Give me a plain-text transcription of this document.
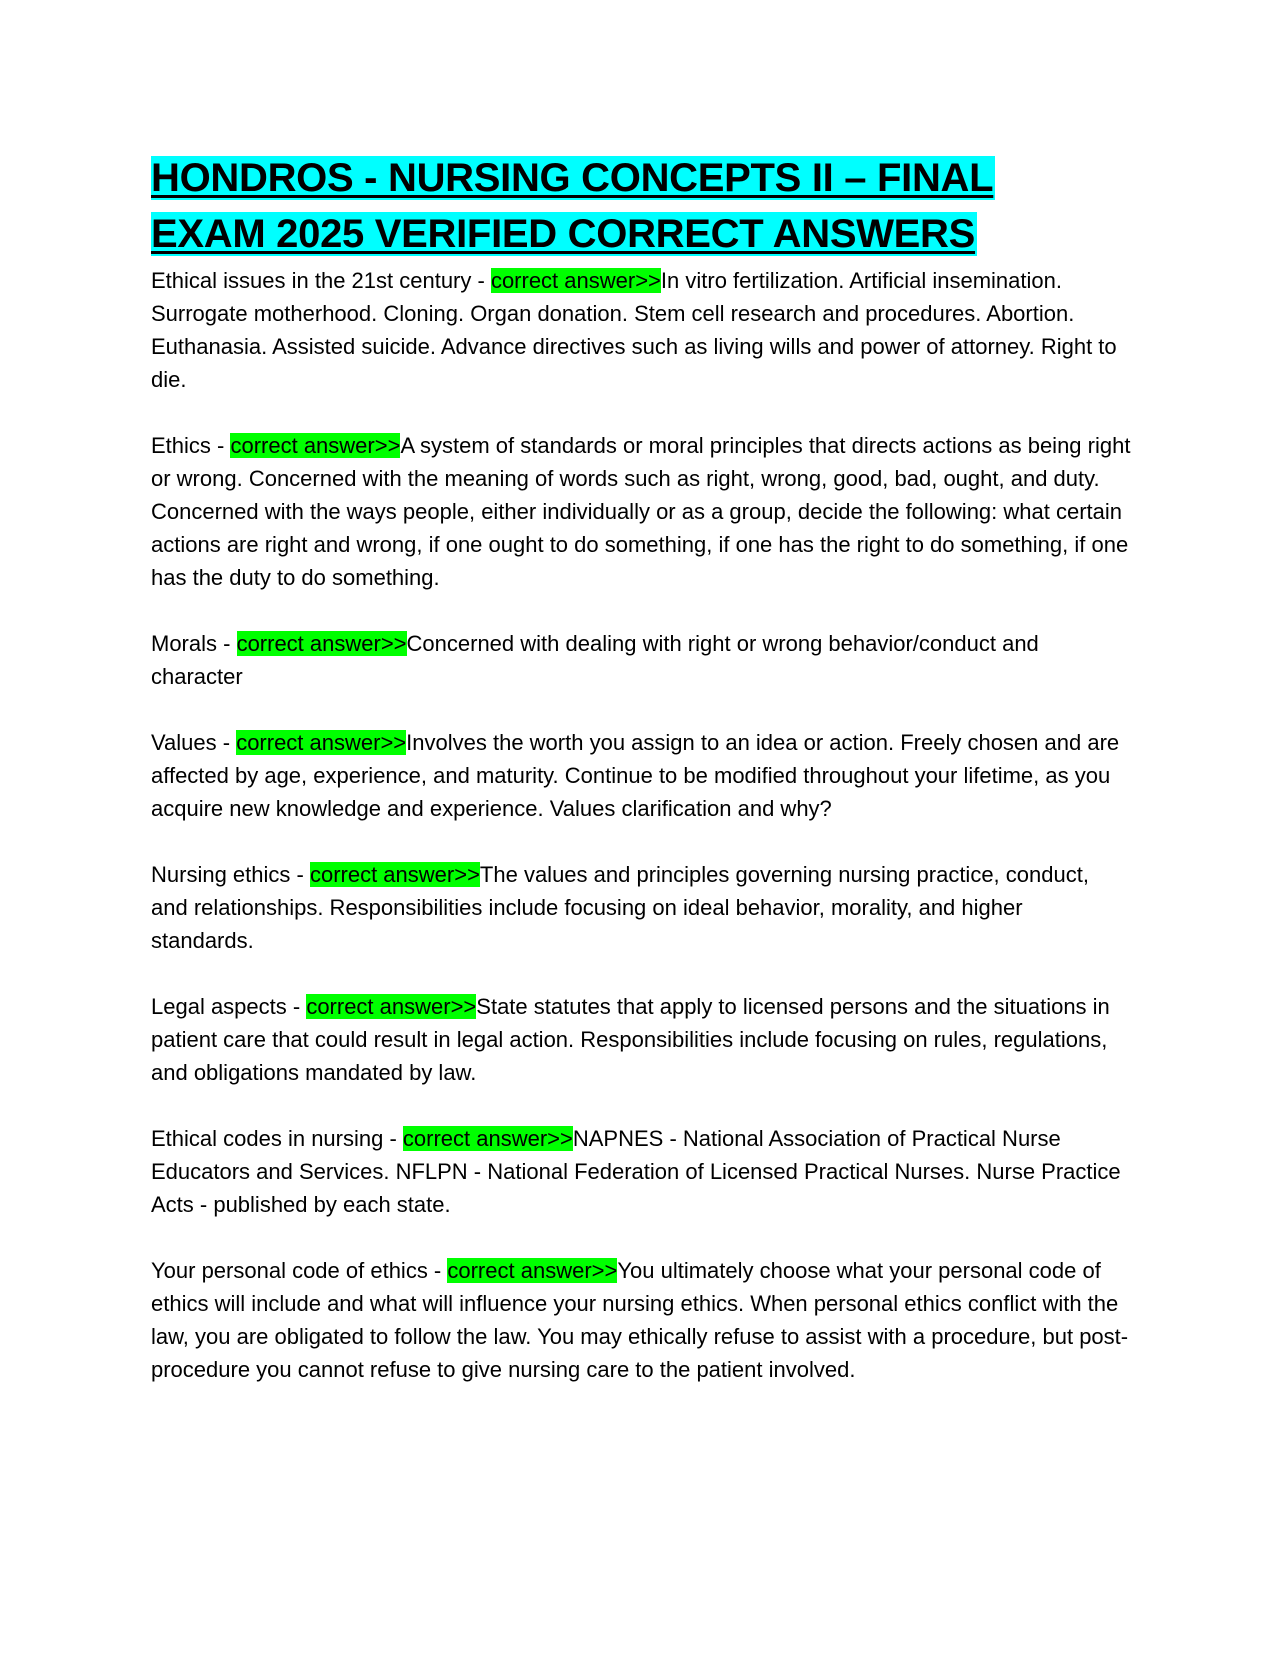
HONDROS - NURSING CONCEPTS II – FINAL
EXAM 2025 VERIFIED CORRECT ANSWERS

Ethical issues in the 21st century - correct answer>>In vitro fertilization. Artificial insemination. Surrogate motherhood. Cloning. Organ donation. Stem cell research and procedures. Abortion. Euthanasia. Assisted suicide. Advance directives such as living wills and power of attorney. Right to die.

Ethics - correct answer>>A system of standards or moral principles that directs actions as being right or wrong. Concerned with the meaning of words such as right, wrong, good, bad, ought, and duty. Concerned with the ways people, either individually or as a group, decide the following: what certain actions are right and wrong, if one ought to do something, if one has the right to do something, if one has the duty to do something.

Morals - correct answer>>Concerned with dealing with right or wrong behavior/conduct and character

Values - correct answer>>Involves the worth you assign to an idea or action. Freely chosen and are affected by age, experience, and maturity. Continue to be modified throughout your lifetime, as you acquire new knowledge and experience. Values clarification and why?

Nursing ethics - correct answer>>The values and principles governing nursing practice, conduct, and relationships. Responsibilities include focusing on ideal behavior, morality, and higher standards.

Legal aspects - correct answer>>State statutes that apply to licensed persons and the situations in patient care that could result in legal action. Responsibilities include focusing on rules, regulations, and obligations mandated by law.

Ethical codes in nursing - correct answer>>NAPNES - National Association of Practical Nurse Educators and Services. NFLPN - National Federation of Licensed Practical Nurses. Nurse Practice Acts - published by each state.

Your personal code of ethics - correct answer>>You ultimately choose what your personal code of ethics will include and what will influence your nursing ethics. When personal ethics conflict with the law, you are obligated to follow the law. You may ethically refuse to assist with a procedure, but post-procedure you cannot refuse to give nursing care to the patient involved.
